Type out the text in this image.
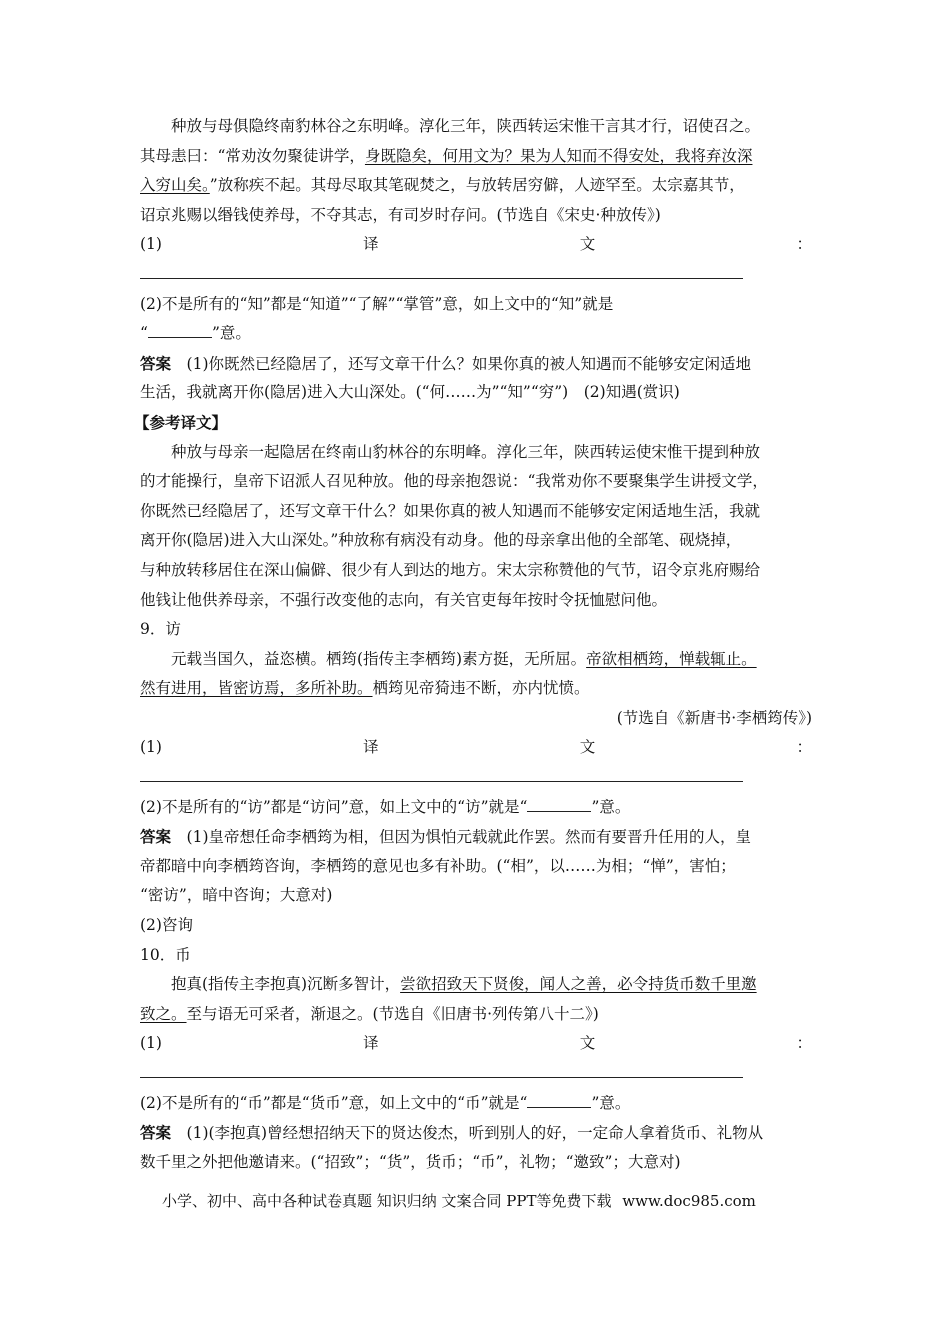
种放与母俱隐终南豹林谷之东明峰。淳化三年，陕西转运宋惟干言其才行，诏使召之。
其母恚曰：“常劝汝勿聚徒讲学，身既隐矣，何用文为？果为人知而不得安处，我将弃汝深
入穷山矣。”放称疾不起。其母尽取其笔砚焚之，与放转居穷僻，人迹罕至。太宗嘉其节，
诏京兆赐以缗钱使养母，不夺其志，有司岁时存问。(节选自《宋史·种放传》)
(1)	译	文	：
(2)不是所有的“知”都是“知道”“了解”“掌管”意，如上文中的“知”就是
“	”意。
答案　 (1)你既然已经隐居了，还写文章干什么？如果你真的被人知遇而不能够安定闲适地
生活，我就离开你(隐居)进入大山深处。(“何……为”“知”“穷”)　(2)知遇(赏识)
【参考译文】
种放与母亲一起隐居在终南山豹林谷的东明峰。淳化三年，陕西转运使宋惟干提到种放
的才能操行，皇帝下诏派人召见种放。他的母亲抱怨说：“我常劝你不要聚集学生讲授文学，
你既然已经隐居了，还写文章干什么？如果你真的被人知遇而不能够安定闲适地生活，我就
离开你(隐居)进入大山深处。”种放称有病没有动身。他的母亲拿出他的全部笔、砚烧掉，
与种放转移居住在深山偏僻、很少有人到达的地方。宋太宗称赞他的气节，诏令京兆府赐给
他钱让他供养母亲，不强行改变他的志向，有关官吏每年按时令抚恤慰问他。
9．访
元载当国久，益恣横。栖筠(指传主李栖筠)素方挺，无所屈。帝欲相栖筠，惮载辄止。
然有进用，皆密访焉，多所补助。栖筠见帝猗违不断，亦内忧愤。
(节选自《新唐书·李栖筠传》)
(1)	译	文	：
(2)不是所有的“访”都是“访问”意，如上文中的“访”就是“	”意。
答案　 (1)皇帝想任命李栖筠为相，但因为惧怕元载就此作罢。然而有要晋升任用的人，皇
帝都暗中向李栖筠咨询，李栖筠的意见也多有补助。(“相”，以……为相；“惮”，害怕；
“密访”，暗中咨询；大意对)
(2)咨询
10．币
抱真(指传主李抱真)沉断多智计，尝欲招致天下贤俊，闻人之善，必令持货币数千里邀
致之。至与语无可采者，渐退之。(节选自《旧唐书·列传第八十二》)
(1)	译	文	：
(2)不是所有的“币”都是“货币”意，如上文中的“币”就是“	”意。
答案　 (1)(李抱真)曾经想招纳天下的贤达俊杰，听到别人的好，一定命人拿着货币、礼物从
数千里之外把他邀请来。(“招致”；“货”，货币；“币”，礼物；“邀致”；大意对)
小学、初中、高中各种试卷真题 知识归纳 文案合同 PPT等免费下载 www.doc985.com
